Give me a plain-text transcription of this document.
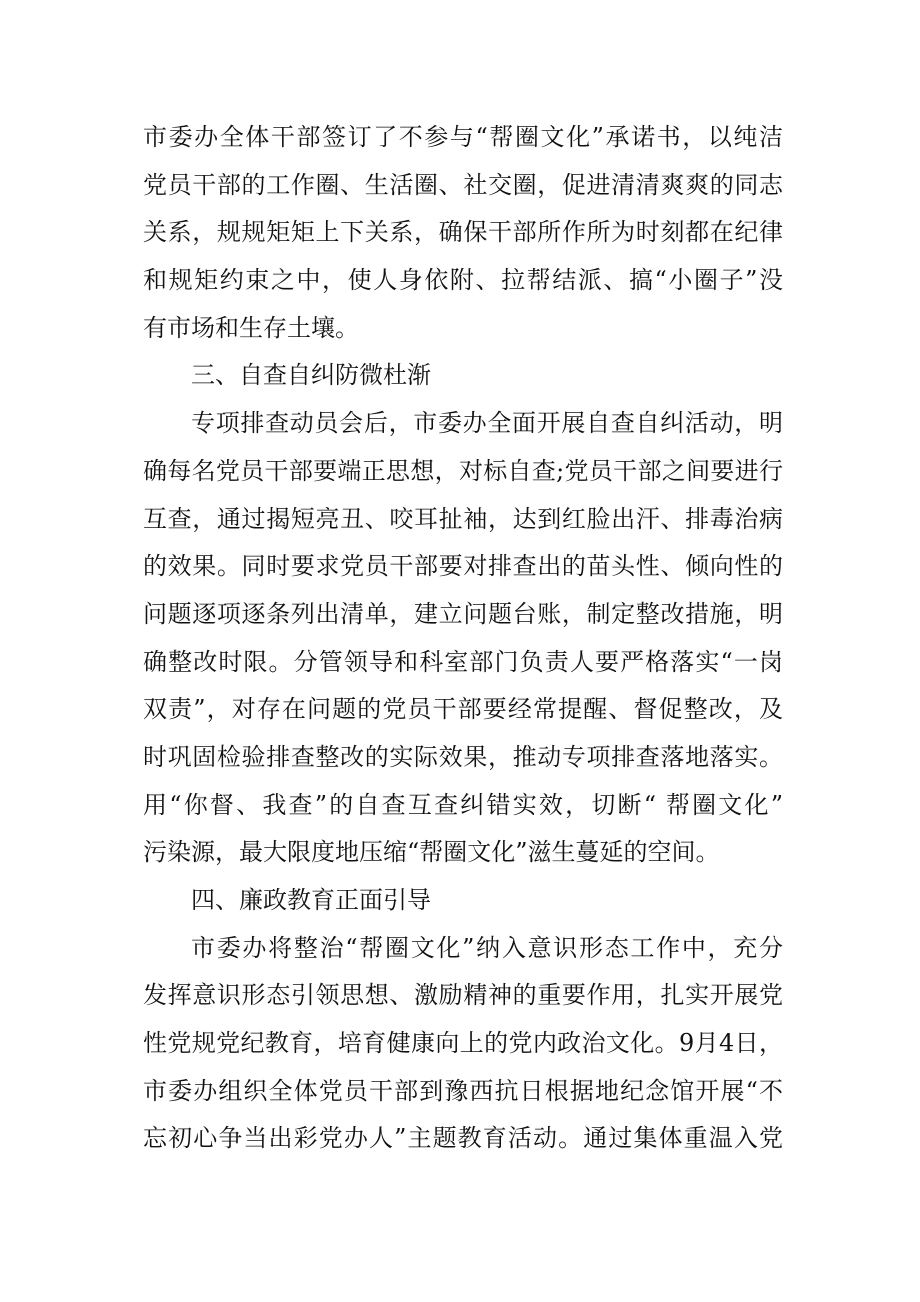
市委办全体干部签订了不参与“帮圈文化”承诺书，以纯洁
党员干部的工作圈、生活圈、社交圈，促进清清爽爽的同志
关系，规规矩矩上下关系，确保干部所作所为时刻都在纪律
和规矩约束之中，使人身依附、拉帮结派、搞“小圈子”没
有市场和生存土壤。
三、自查自纠防微杜渐
专项排查动员会后，市委办全面开展自查自纠活动，明
确每名党员干部要端正思想，对标自查;党员干部之间要进行
互查，通过揭短亮丑、咬耳扯袖，达到红脸出汗、排毒治病
的效果。同时要求党员干部要对排查出的苗头性、倾向性的
问题逐项逐条列出清单，建立问题台账，制定整改措施，明
确整改时限。分管领导和科室部门负责人要严格落实“一岗
双责”，对存在问题的党员干部要经常提醒、督促整改，及
时巩固检验排查整改的实际效果，推动专项排查落地落实。
用“你督、我查”的自查互查纠错实效，切断“ 帮圈文化”
污染源，最大限度地压缩“帮圈文化”滋生蔓延的空间。
四、廉政教育正面引导
市委办将整治“帮圈文化”纳入意识形态工作中，充分
发挥意识形态引领思想、激励精神的重要作用，扎实开展党
性党规党纪教育，培育健康向上的党内政治文化。9月4日，
市委办组织全体党员干部到豫西抗日根据地纪念馆开展“不
忘初心争当出彩党办人”主题教育活动。通过集体重温入党
